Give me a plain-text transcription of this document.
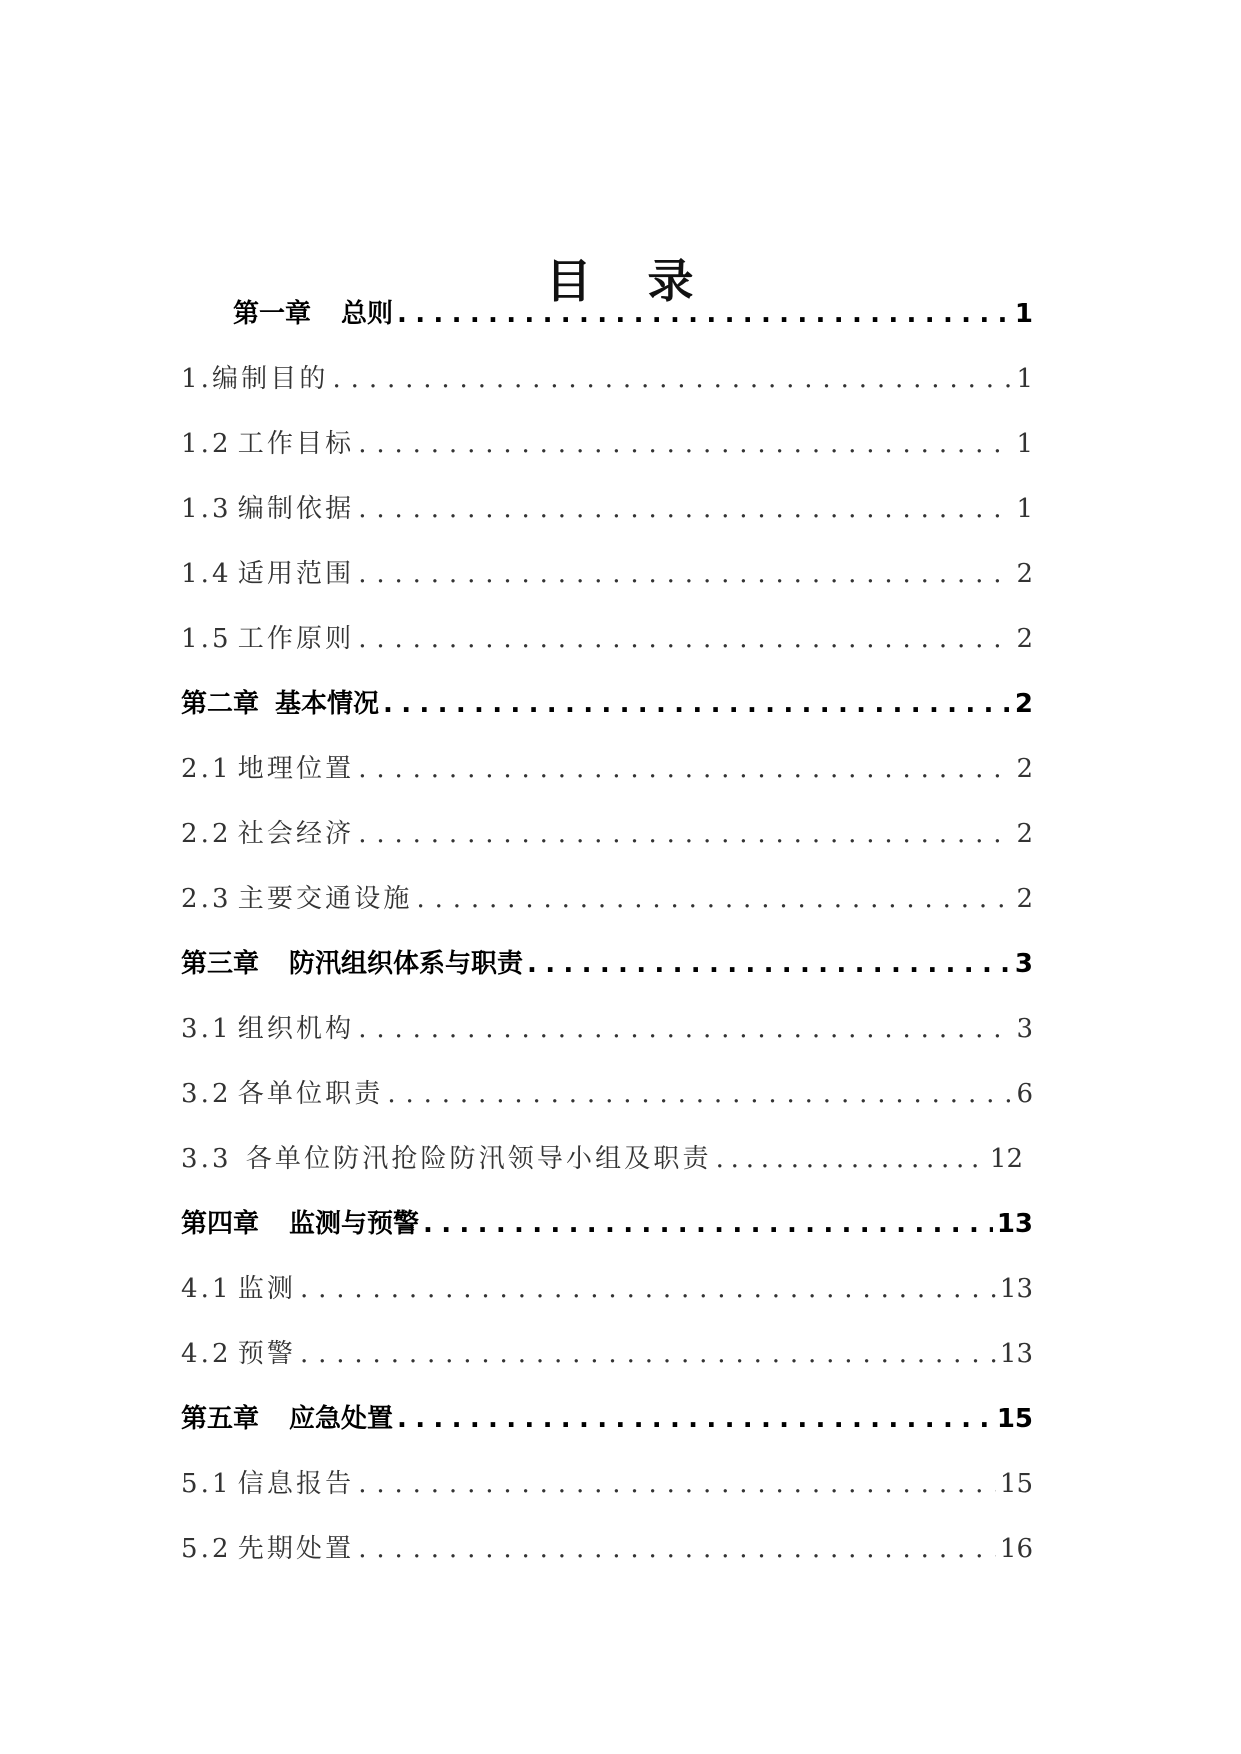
目 录
第一章 总则 .....	1
1. 编制目的 .....	1
1.2 工作目标 .....	1
1.3 编制依据 .....	1
1.4 适用范围 .....	2
1.5 工作原则 .....	2
第二章 基本情况 .....	2
2.1 地理位置 .....	2
2.2 社会经济 .....	2
2.3 主要交通设施 .....	2
第三章 防汛组织体系与职责 .....	3
3.1 组织机构 .....	3
3.2 各单位职责 .....	6
3.3 各单位防汛抢险防汛领导小组及职责 .....	12
第四章 监测与预警 .....	13
4.1 监测 .....	13
4.2 预警 .....	13
第五章 应急处置 .....	15
5.1 信息报告 .....	15
5.2 先期处置 .....	16
